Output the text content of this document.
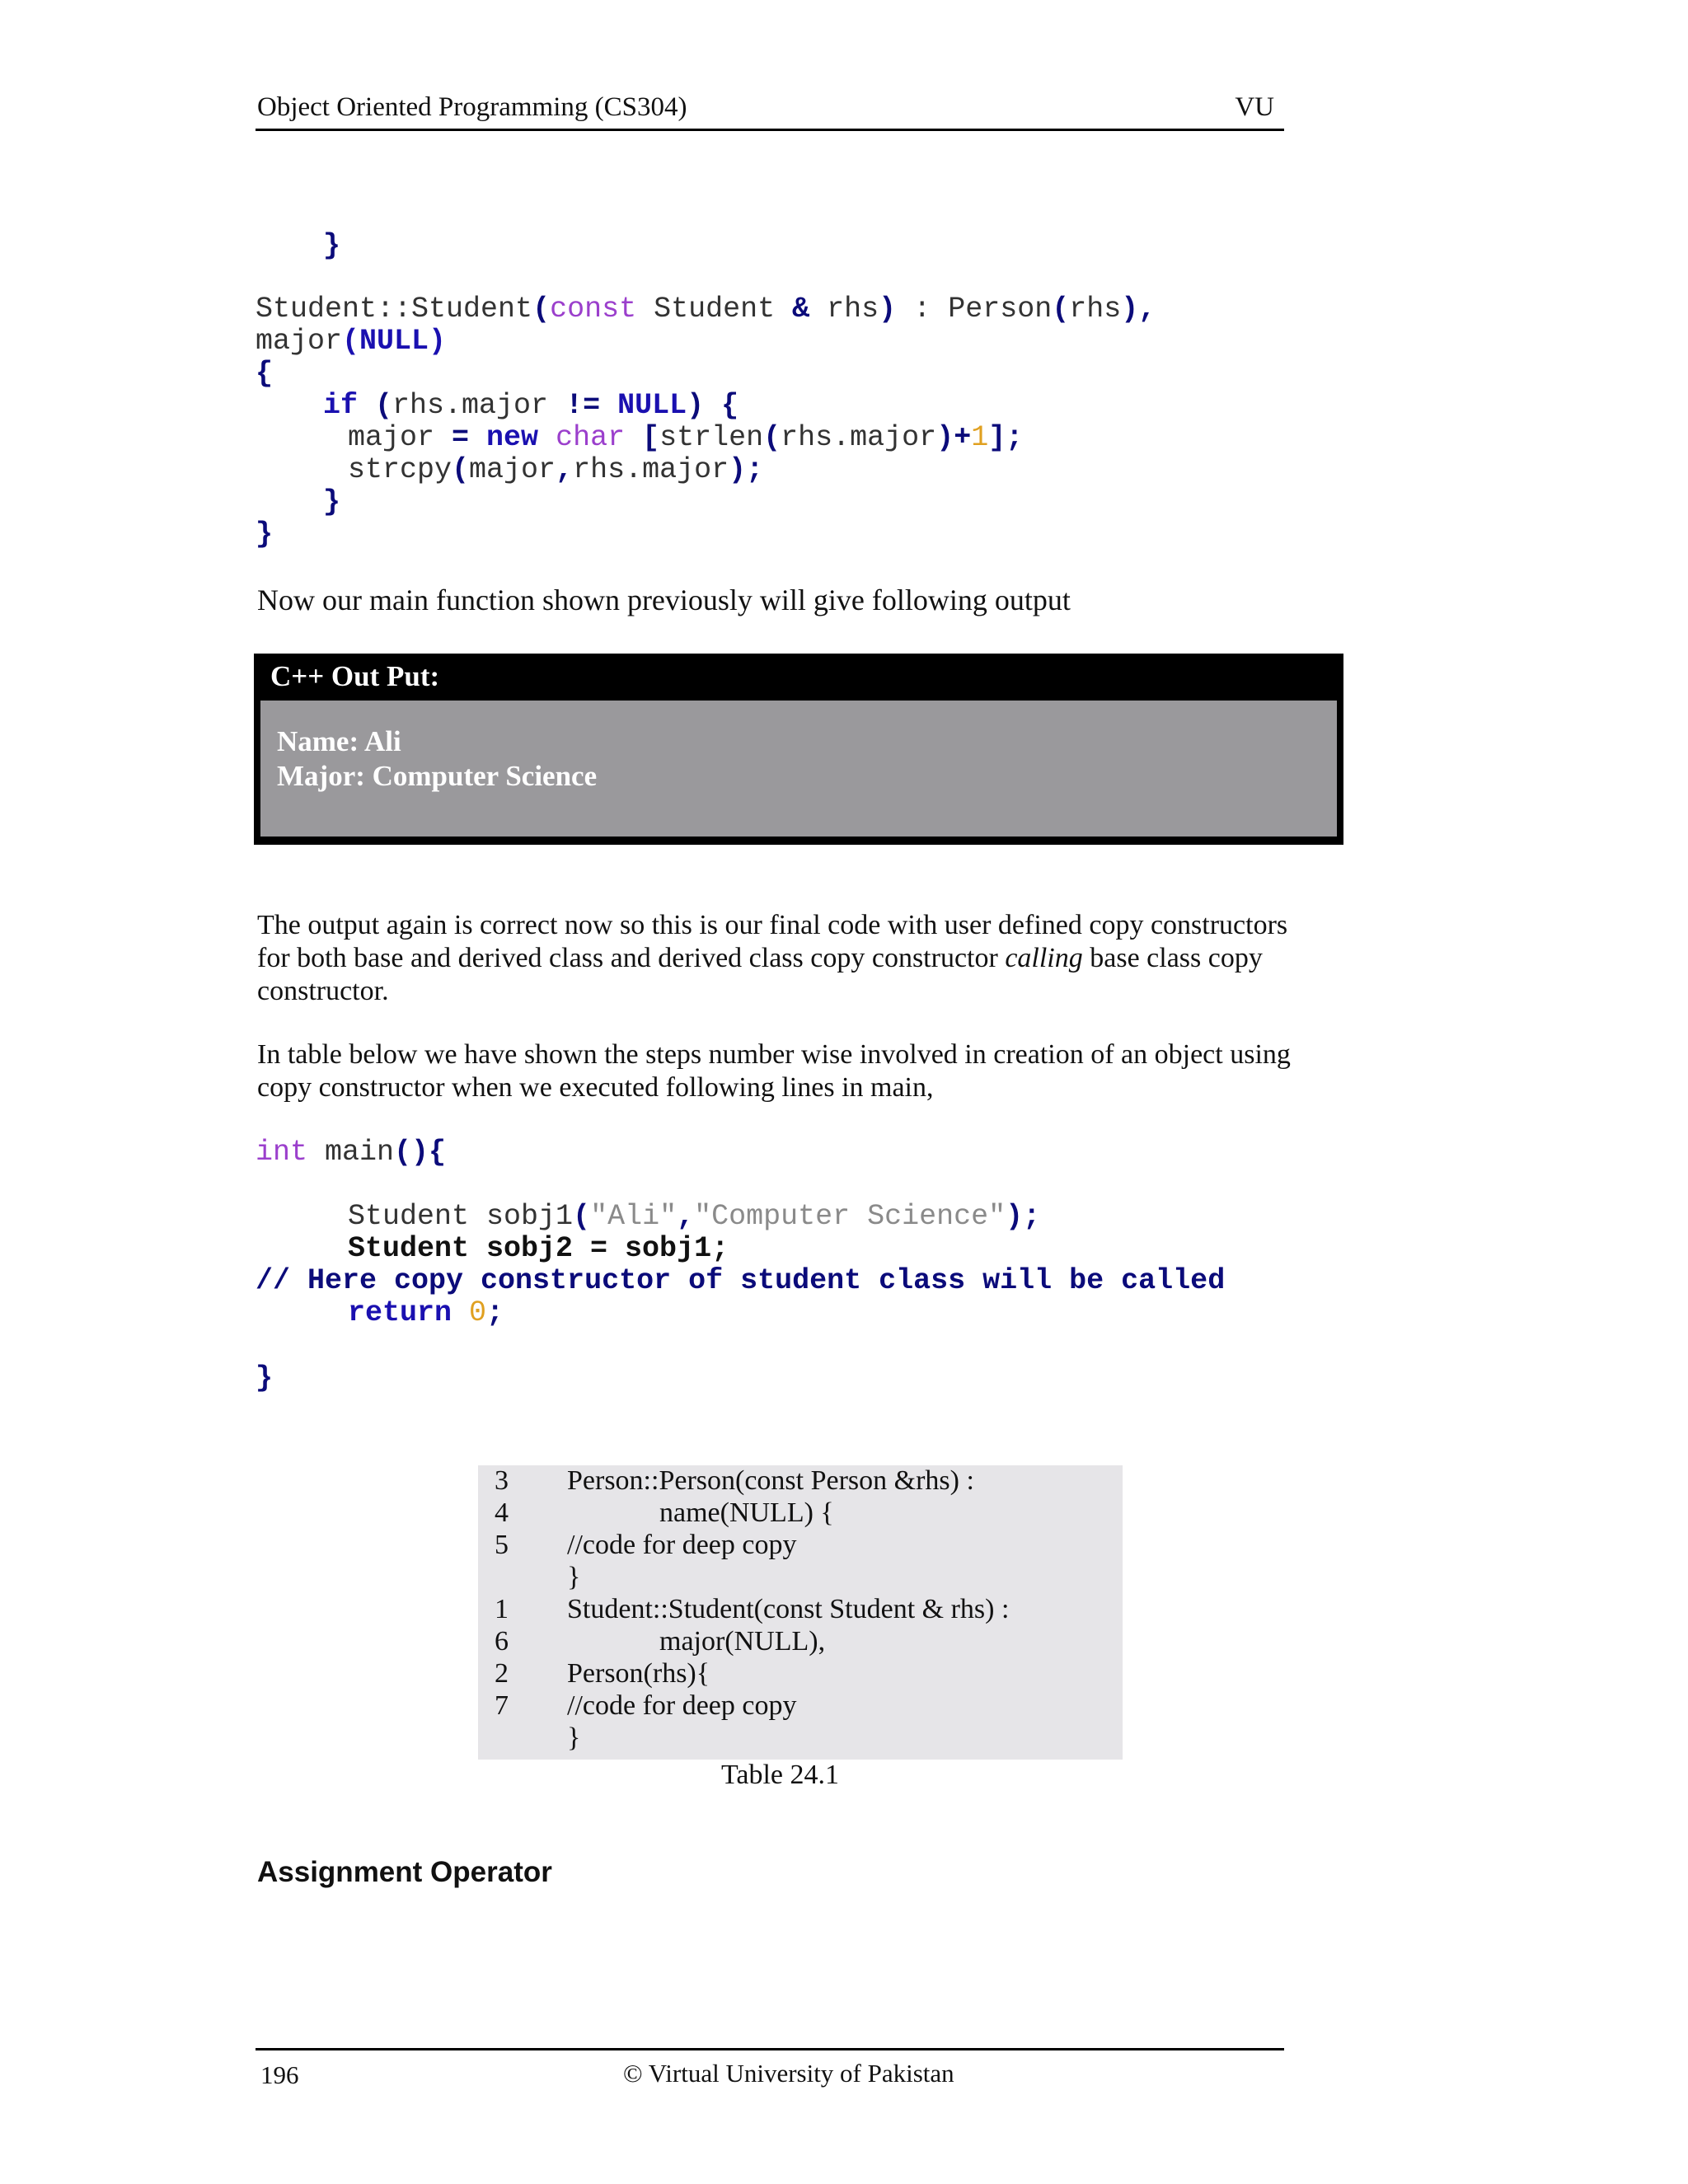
Object Oriented Programming (CS304)	VU
}
Student::Student(const Student & rhs) : Person(rhs),
major(NULL)
{
if (rhs.major != NULL) {
major = new char [strlen(rhs.major)+1];
strcpy(major,rhs.major);
}
}
Now our main function shown previously will give following output
C++ Out Put:
Name: Ali
Major: Computer Science
The output again is correct now so this is our final code with user defined copy constructors
for both base and derived class and derived class copy constructor calling base class copy
constructor.
In table below we have shown the steps number wise involved in creation of an object using
copy constructor when we executed following lines in main,
int main(){
Student sobj1("Ali","Computer Science");
Student sobj2 = sobj1;
// Here copy constructor of student class will be called
return 0;
}
3 Person::Person(const Person &rhs) :
4	name(NULL) {
5 //code for deep copy
}
1 Student::Student(const Student & rhs) :
6	major(NULL),
2 Person(rhs){
7 //code for deep copy
}
Table 24.1
Assignment Operator
196	© Virtual University of Pakistan
